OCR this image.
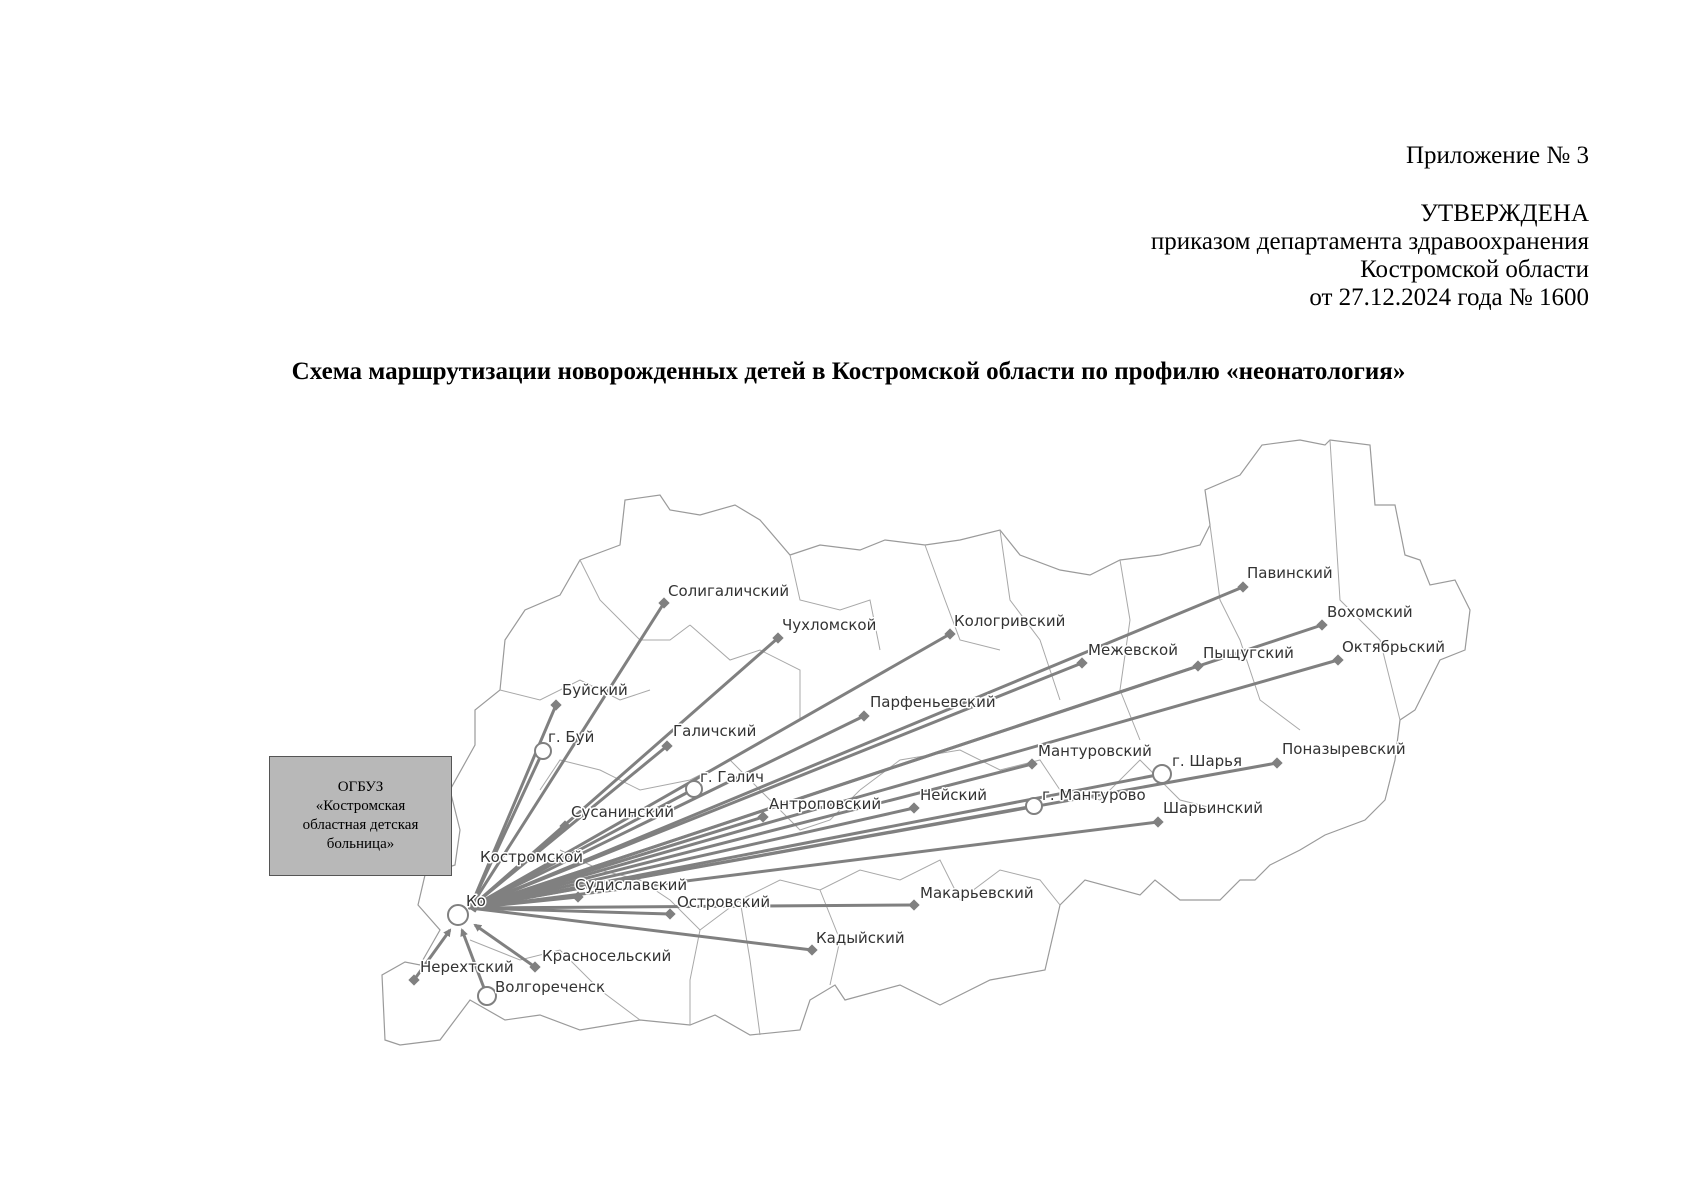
Приложение № 3
УТВЕРЖДЕНА
приказом департамента здравоохранения
Костромской области
от 27.12.2024 года № 1600
Схема маршрутизации новорожденных детей в Костромской области по профилю «неонатология»
Солигаличский
Чухломской	Кологривский
Павинский
Вохомский
Межевской Пыщугский	Октябрьский
Буйский
Парфеньевский
Галичский
Мантуровский	Поназыревский
Антроповский	Нейский
Шарьинский
Сусанинский
Судиславский
Островский	Макарьевский
Кадыйский
Красносельский
Нерехтский
Костромской
г. Буй
г. Галич
г. Мантурово
г. Шарья
Волгореченск
Ко
ОГБУЗ
«Костромская
областная детская
больница»
